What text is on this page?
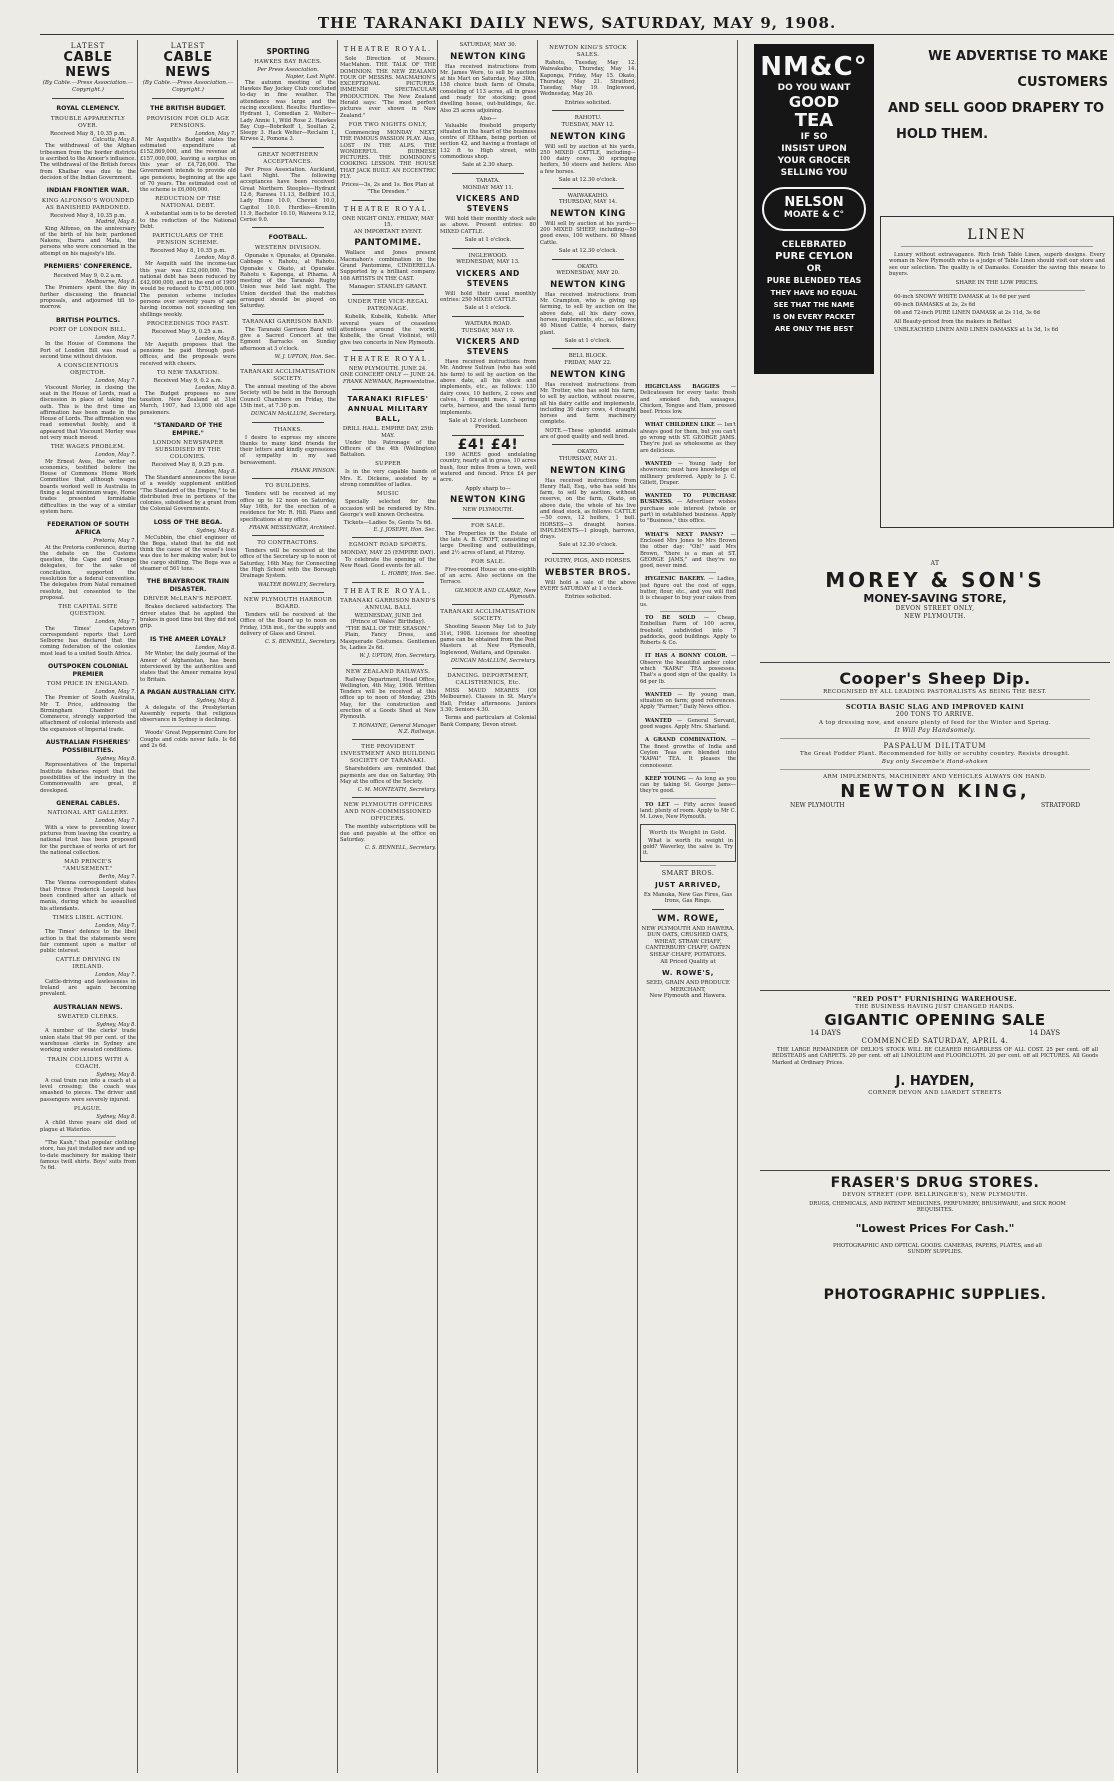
THE TARANAKI DAILY NEWS, SATURDAY, MAY 9, 1908.
LATEST
CABLE NEWS
(By Cable.—Press Association.—Copyright.)
ROYAL CLEMENCY.
TROUBLE APPARENTLY OVER.
Received May 8, 10.35 p.m.
Calcutta, May 8.
The withdrawal of the Afghan tribesmen from the border districts is ascribed to the Ameer's influence. The withdrawal of the British forces from Khaibar was due to the decision of the Indian Government.
INDIAN FRONTIER WAR.
KING ALFONSO'S WOUNDED AS BANISHED PARDONED.
Received May 8, 10.35 p.m.
Madrid, May 8.
King Alfonso, on the anniversary of the birth of his heir, pardoned Nakens, Ibarra and Mata, the persons who were concerned in the attempt on his majesty's life.
PREMIERS' CONFERENCE.
Received May 9, 0.2 a.m.
Melbourne, May 8.
The Premiers spent the day in further discussing the financial proposals, and adjourned till to-morrow.
BRITISH POLITICS.
PORT OF LONDON BILL.
London, May 7.
In the House of Commons the Port of London Bill was read a second time without division.
A CONSCIENTIOUS OBJECTOR.
London, May 7.
Viscount Morley, in closing the seat in the House of Lords, read a discussion in place of taking the oath. This is the first time an affirmation has been made in the House of Lords. The affirmation was read somewhat feebly, and it appeared that Viscount Morley was not very much moved.
THE WAGES PROBLEM.
London, May 7.
Mr Ernest Aves, the writer on economics, testified before the House of Commons Home Work Committee that although wages boards worked well in Australia in fixing a legal minimum wage, Home trades presented formidable difficulties in the way of a similar system here.
FEDERATION OF SOUTH AFRICA
Pretoria, May 7.
At the Pretoria conference, during the debate on the Customs question, the Cape and Orange delegates, for the sake of conciliation, supported the resolution for a federal convention. The delegates from Natal remained resolute, but consented to the proposal.
THE CAPITAL SITE QUESTION.
London, May 7.
The Times' Capetown correspondent reports that Lord Selborne has declared that the coming federation of the colonies must lead to a united South Africa.
OUTSPOKEN COLONIAL PREMIER
TOM PRICE IN ENGLAND.
London, May 7.
The Premier of South Australia, Mr T. Price, addressing the Birmingham Chamber of Commerce, strongly supported the attachment of colonial interests and the expansion of Imperial trade.
AUSTRALIAN FISHERIES' POSSIBILITIES.
Sydney, May 8.
Representatives of the Imperial Institute fisheries report that the possibilities of the industry in the Commonwealth are great, if developed.
GENERAL CABLES.
NATIONAL ART GALLERY.
London, May 7.
With a view to preventing lower pictures from leaving the country, a national trust has been proposed for the purchase of works of art for the national collection.
MAD PRINCE'S "AMUSEMENT."
Berlin, May 7.
The Vienna correspondent states that Prince Frederick Leopold has been confined after an attack of mania, during which he assaulted his attendants.
TIMES LIBEL ACTION.
London, May 7.
The Times' defence to the libel action is that the statements were fair comment upon a matter of public interest.
CATTLE DRIVING IN IRELAND.
London, May 7.
Cattle-driving and lawlessness in Ireland are again becoming prevalent.
AUSTRALIAN NEWS.
SWEATED CLERKS.
Sydney, May 8.
A number of the clerks' trade union state that 90 per cent. of the warehouse clerks in Sydney are working under sweated conditions.
TRAIN COLLIDES WITH A COACH.
Sydney, May 8.
A coal train ran into a coach at a level crossing; the coach was smashed to pieces. The driver and passengers were severely injured.
PLAGUE.
Sydney, May 8.
A child three years old died of plague at Waterloo.
"The Kash," that popular clothing store, has just installed new and up-to-date machinery for making their famous twill shirts. Boys' suits from 7s 6d.
LATEST
CABLE NEWS
(By Cable.—Press Association.—Copyright.)
THE BRITISH BUDGET.
PROVISION FOR OLD AGE PENSIONS.
London, May 7.
Mr Asquith's Budget states the estimated expenditure at £152,869,000, and the revenue at £157,000,000, leaving a surplus on this year of £4,726,000. The Government intends to provide old age pensions, beginning at the age of 70 years. The estimated cost of the scheme is £6,000,000.
REDUCTION OF THE NATIONAL DEBT.
A substantial sum is to be devoted to the reduction of the National Debt.
PARTICULARS OF THE PENSION SCHEME.
Received May 8, 10.35 p.m.
London, May 8.
Mr Asquith said the income-tax this year was £32,000,000. The national debt has been reduced by £42,000,000, and in the end of 1909 would be reduced to £751,000,000. The pension scheme includes persons over seventy years of age having incomes not exceeding ten shillings weekly.
PROCEEDINGS TOO FAST.
Received May 9, 0.25 a.m.
London, May 8.
Mr Asquith proposes that the pensions be paid through post-offices, and the proposals were received with cheers.
TO NEW TAXATION.
Received May 9, 0.2 a.m.
London, May 8.
The Budget proposes no new taxation. New Zealand at 31st March, 1907, had 13,000 old age pensioners.
"STANDARD OF THE EMPIRE."
LONDON NEWSPAPER SUBSIDISED BY THE COLONIES.
Received May 8, 9.25 p.m.
London, May 8.
The Standard announces the issue of a weekly supplement entitled "The Standard of the Empire," to be distributed free in portions of the colonies, subsidised by a grant from the Colonial Governments.
LOSS OF THE BEGA.
Sydney, May 8.
McCubbin, the chief engineer of the Bega, stated that he did not think the cause of the vessel's loss was due to her making water, but to the cargo shifting. The Bega was a steamer of 561 tons.
THE BRAYBROOK TRAIN DISASTER.
DRIVER McLEAN'S REPORT.
Brakes declared satisfactory. The driver states that he applied the brakes in good time but they did not grip.
IS THE AMEER LOYAL?
London, May 8.
Mr Winter, the daily journal of the Ameer of Afghanistan, has been interviewed by the authorities and states that the Ameer remains loyal to Britain.
A PAGAN AUSTRALIAN CITY.
Sydney, May 8.
A delegate of the Presbyterian Assembly reports that religious observance in Sydney is declining.
Woods' Great Peppermint Cure for Coughs and colds never fails. Is 6d and 2s 6d.
SPORTING
HAWKES BAY RACES.
Per Press Association.
Napier, Last Night.
The autumn meeting of the Hawkes Bay Jockey Club concluded to-day in fine weather. The attendance was large and the racing excellent. Results: Hurdles—Hydrant 1, Comedian 2. Welter—Lady Annie 1, Wild Rose 2. Hawkes Bay Cup—Bobrikoff 1, Soultan 2, Sleepy 3. Hack Welter—Reclaim 1, Kirwee 2, Pomona 3.
GREAT NORTHERN ACCEPTANCES.
Per Press Association. Auckland, Last Night. The following acceptances have been received: Great Northern Steeples—Hydrant 12.6, Rarawa 11.13, Bellbird 10.3, Lady Hune 10.0, Cheviot 10.0, Capitol 10.0. Hurdles—Kremlin 11.9, Bachelor 10.10, Waiwera 9.12, Cerise 9.0.
FOOTBALL.
WESTERN DIVISION.
Opunake v. Opunake, at Opunake. Cabbage v. Rahotu, at Rahotu. Opunake v. Okato, at Opunake. Rahotu v. Kaponga, at Pihama. A meeting of the Taranaki Rugby Union was held last night. The Union decided that the matches arranged should be played on Saturday.
TARANAKI GARRISON BAND.
The Taranaki Garrison Band will give a Sacred Concert at the Egmont Barracks on Sunday afternoon at 3 o'clock.
W. J. UPTON, Hon. Sec.
TARANAKI ACCLIMATISATION SOCIETY.
The annual meeting of the above Society will be held in the Borough Council Chambers on Friday, the 15th inst., at 7.30 p.m.
DUNCAN McALLUM, Secretary.
THANKS.
I desire to express my sincere thanks to many kind friends for their letters and kindly expressions of sympathy in my sad bereavement.
FRANK PINSON.
TO BUILDERS.
Tenders will be received at my office up to 12 noon on Saturday, May 16th, for the erection of a residence for Mr. R. Hill. Plans and specifications at my office.
FRANK MESSENGER, Architect.
TO CONTRACTORS.
Tenders will be received at the office of the Secretary up to noon of Saturday, 16th May, for Connecting the High School with the Borough Drainage System.
WALTER BOWLEY, Secretary.
NEW PLYMOUTH HARBOUR BOARD.
Tenders will be received at the Office of the Board up to noon on Friday, 15th inst., for the supply and delivery of Glass and Gravel.
C. S. BENNELL, Secretary.
THEATRE ROYAL.
Sole Direction of Messrs. MacMahon. THE TALK OF THE DOMINION. THE NEW ZEALAND TOUR OF MESSRS. MACMAHON'S EXCEPTIONAL PICTURES, IMMENSE SPECTACULAR PRODUCTION. The New Zealand Herald says: "The most perfect pictures ever shown in New Zealand."
FOR TWO NIGHTS ONLY,
Commencing MONDAY NEXT, THE FAMOUS PASSION PLAY. Also, LOST IN THE ALPS. THE WONDERFUL BURMESE PICTURES. THE DOMINION'S COOKING LESSON. THE HOUSE THAT JACK BUILT. AN ECCENTRIC FLY.
Prices—3s, 2s and 1s. Box Plan at "The Dresden."
THEATRE ROYAL.
ONE NIGHT ONLY. FRIDAY, MAY 15.
AN IMPORTANT EVENT.
PANTOMIME.
Wallace and Jones present Macmahon's combination in the Grand Pantomime, CINDERELLA. Supported by a brilliant company. 108 ARTISTS IN THE CAST.
Manager: STANLEY GRANT.
UNDER THE VICE-REGAL PATRONAGE.
Kubelik, Kubelik, Kubelik. After several years of ceaseless attentions around the world, Kubelik, the Great Violinist, will give two concerts in New Plymouth.
THEATRE ROYAL.
NEW PLYMOUTH. JUNE 24.
ONE CONCERT ONLY — JUNE 24.
FRANK NEWMAN, Representative.
TARANAKI RIFLES' ANNUAL MILITARY BALL,
DRILL HALL. EMPIRE DAY, 25th MAY.
Under the Patronage of the Officers of the 4th (Wellington) Battalion.
SUPPER
Is in the very capable hands of Mrs. E. Dickens, assisted by a strong committee of ladies.
MUSIC
Specially selected for the occasion will be rendered by Mrs. George's well known Orchestra.
Tickets—Ladies 5s, Gents 7s 6d.
E. J. JOSEPH, Hon. Sec.
EGMONT ROAD SPORTS.
MONDAY, MAY 25 (EMPIRE DAY).
To celebrate the opening of the New Road. Good events for all.
L. HOBBY, Hon. Sec.
THEATRE ROYAL.
TARANAKI GARRISON BAND'S ANNUAL BALL
WEDNESDAY, JUNE 3rd
(Prince of Wales' Birthday).
"THE BALL OF THE SEASON."
Plain, Fancy Dress, and Masquerade Costumes. Gentlemen 5s, Ladies 2s 6d.
W. J. UPTON, Hon. Secretary.
NEW ZEALAND RAILWAYS.
Railway Department, Head Office, Wellington, 4th May, 1908. Written Tenders will be received at this office up to noon of Monday, 25th May, for the construction and erection of a Goods Shed at New Plymouth.
T. RONAYNE, General Manager N.Z. Railways.
THE PROVIDENT INVESTMENT AND BUILDING SOCIETY OF TARANAKI.
Shareholders are reminded that payments are due on Saturday, 9th May at the office of the Society.
C. M. MONTEATH, Secretary.
NEW PLYMOUTH OFFICERS AND NON-COMMISSIONED OFFICERS.
The monthly subscriptions will be due and payable at the office on Saturday.
C. S. BENNELL, Secretary.
SATURDAY, MAY 30.
NEWTON KING
Has received instructions from Mr. James Were, to sell by auction at his Mart on Saturday, May 30th, 158 choice bush farm of Omata, consisting of 113 acres, all in grass and ready for stocking; good dwelling house, out-buildings, &c. Also 25 acres adjoining.
Also—
Valuable freehold property situated in the heart of the business centre of Eltham, being portion of section 42, and having a frontage of 132 ft to High street, with commodious shop.
Sale at 2.30 sharp.
TARATA.
MONDAY MAY 11.
VICKERS AND STEVENS
Will hold their monthly stock sale as above. Present entries: 80 MIXED CATTLE.
Sale at 1 o'clock.
INGLEWOOD.
WEDNESDAY, MAY 13.
VICKERS AND STEVENS
Will hold their usual monthly entries: 250 MIXED CATTLE.
Sale at 1 o'clock.
WAITARA ROAD.
TUESDAY, MAY 19.
VICKERS AND STEVENS
Have received instructions from Mr. Andrew Sulivan (who has sold his farm) to sell by auction on the above date, all his stock and implements, etc., as follows: 130 dairy cows, 10 heifers, 2 cows and calves, 1 draught mare, 2 spring carts, harness, and the usual farm implements.
Sale at 12 o'clock. Luncheon Provided.
£4! £4!
199 ACRES good undulating country, nearly all in grass, 10 acres bush, four miles from a town, well watered and fenced. Price £4 per acre.
Apply sharp to—
NEWTON KING
NEW PLYMOUTH.
FOR SALE.
The Properties in the Estate of the late A. B. CROFT, consisting of large Dwelling and outbuildings, and 2½ acres of land, at Fitzroy.
FOR SALE.
Five-roomed House on one-eighth of an acre. Also sections on the Terrace.
GILMOUR AND CLARKE, New Plymouth.
TARANAKI ACCLIMATISATION SOCIETY.
Shooting Season May 1st to July 31st, 1908. Licenses for shooting game can be obtained from the Post Masters at New Plymouth, Inglewood, Waitara, and Opunake.
DUNCAN McALLUM, Secretary.
DANCING. DEPORTMENT, CALISTHENICS, Etc.
MISS MAUD MEARES (Of Melbourne). Classes in St. Mary's Hall, Friday afternoons. Juniors 3.30; Seniors 4.30.
Terms and particulars at Colonial Bank Company, Devon street.
NEWTON KING'S STOCK SALES.
Rahotu, Tuesday, May 12. Waiwakaiho, Thursday, May 14. Kaponga, Friday, May 15. Okato, Thursday, May 21. Stratford, Tuesday, May 19. Inglewood, Wednesday, May 20.
Entries solicited.
RAHOTU.
TUESDAY, MAY 12.
NEWTON KING
Will sell by auction at his yards, 250 MIXED CATTLE, including—100 dairy cows, 30 springing heifers, 50 steers and heifers. Also a few horses.
Sale at 12.30 o'clock.
WAIWAKAIHO.
THURSDAY, MAY 14.
NEWTON KING
Will sell by auction at his yards—200 MIXED SHEEP, including—50 good ewes, 100 wethers. 60 Mixed Cattle.
Sale at 12.30 o'clock.
OKATO.
WEDNESDAY, MAY 20.
NEWTON KING
Has received instructions from Mr. Crampton, who is giving up farming, to sell by auction on the above date, all his dairy cows, horses, implements, etc., as follows: 40 Mixed Cattle, 4 horses, dairy plant.
Sale at 1 o'clock.
BELL BLOCK.
FRIDAY, MAY 22.
NEWTON KING
Has received instructions from Mr. Trotter, who has sold his farm, to sell by auction, without reserve, all his dairy cattle and implements, including 30 dairy cows, 4 draught horses and farm machinery complete.
NOTE.—These splendid animals are of good quality and well bred.
OKATO.
THURSDAY, MAY 21.
NEWTON KING
Has received instructions from Henry Hall, Esq., who has sold his farm, to sell by auction, without reserve, on the farm, Okato, on above date, the whole of his live and dead stock, as follows: CATTLE—50 cows, 12 heifers, 1 bull. HORSES—3 draught horses. IMPLEMENTS—1 plough, harrows, drays.
Sale at 12.30 o'clock.
POULTRY, PIGS, AND HORSES.
WEBSTER BROS.
Will hold a sale of the above EVERY SATURDAY at 1 o'clock.
Entries solicited.
HIGHCLASS BAGGIES — Delicatessen for every taste: fresh and smoked fish, sausages, Chicken, Tongue and Ham, pressed beef. Prices low.
WHAT CHILDREN LIKE — Isn't always good for them, but you can't go wrong with ST. GEORGE JAMS. They're just as wholesome as they are delicious.
WANTED — Young lady for showroom; must have knowledge of millinery preferred. Apply to J. C. Gillett, Draper.
WANTED TO PURCHASE BUSINESS. — Advertiser wishes purchase sole interest (whole or part) in established business. Apply to "Business," this office.
WHAT'S NEXT PANSY? — Enclosed Mrs Jones to Mrs Brown the other day: "Oh!" said Mrs Brown, "there is a man at ST. GEORGE JAMS," and they're no good, never mind.
HYGIENIC BAKERY. — Ladies, just figure out the cost of eggs, butter, flour, etc., and you will find it is cheaper to buy your cakes from us.
TO BE SOLD — Cheap, Embellian Farm of 100 acres, freehold, subdivided into 7 paddocks, good buildings. Apply to Roberts & Co.
IT HAS A BONNY COLOR. — Observe the beautiful amber color which "KAPAI" TEA possesses. That's a good sign of the quality. 1s 6d per lb.
WANTED — By young man, situation on farm; good references. Apply "Farmer," Daily News office.
WANTED — General Servant, good wages. Apply Mrs. Sharland.
A GRAND COMBINATION. — The finest growths of India and Ceylon Teas are blended into "KAPAI" TEA. It pleases the connoisseur.
KEEP YOUNG — As long as you can by taking St. George Jams—they're good.
TO LET — Fifty acres leased land; plenty of room. Apply to Mr C. M. Lowe, New Plymouth.
Worth its Weight in Gold.
What is worth its weight in gold? Waverley, the salve is. Try it.
SMART BROS.
JUST ARRIVED,
Ex Manuka, New Gas Fires, Gas Irons, Gas Rings.
WM. ROWE,
NEW PLYMOUTH AND HAWERA.
DUN OATS, CRUSHED OATS, WHEAT, STRAW CHAFF, CANTERBURY CHAFF, OATEN SHEAF CHAFF, POTATOES.
All Priced Quality at
W. ROWE'S,
SEED, GRAIN AND PRODUCE MERCHANT,
New Plymouth and Hawera.
NM&C°
DO YOU WANT
GOOD
TEA
IF SO
INSIST UPON
YOUR GROCER
SELLING YOU
NELSON
MOATE & C°
CELEBRATED
PURE CEYLON
OR
PURE BLENDED TEAS
THEY HAVE NO EQUAL
SEE THAT THE NAME
IS ON EVERY PACKET
ARE ONLY THE BEST
WE ADVERTISE TO MAKE CUSTOMERS
AND SELL GOOD DRAPERY TO
HOLD THEM.
LINEN
Luxury without extravagance. Rich Irish Table Linen, superb designs. Every woman in New Plymouth who is a judge of Table Linen should visit our store and see our selection. The quality is of Damasks. Consider the saving this means to buyers.
SHARE IN THE LOW PRICES.
60-inch SNOWY WHITE DAMASK at 1s 6d per yard
60-inch DAMASKS at 2s, 2s 6d
66 and 72-inch PURE LINEN DAMASK at 2s 11d, 3s 6d
All Beauty-priced from the makers in Belfast
UNBLEACHED LINEN AND LINEN DAMASKS at 1s 3d, 1s 6d
AT
MOREY & SON'S
MONEY-SAVING STORE,
DEVON STREET ONLY,
NEW PLYMOUTH.
Cooper's Sheep Dip.
RECOGNISED BY ALL LEADING PASTORALISTS AS BEING THE BEST.
SCOTIA BASIC SLAG AND IMPROVED KAINI
200 TONS TO ARRIVE.
A top dressing now, and ensure plenty of feed for the Winter and Spring.
It Will Pay Handsomely.
PASPALUM DILITATUM
The Great Fodder Plant. Recommended for hilly or scrubby country. Resists drought.
Buy only Secombe's Hand-shaken
ARM IMPLEMENTS, MACHINERY AND VEHICLES ALWAYS ON HAND.
NEWTON KING,
NEW PLYMOUTH	STRATFORD
"RED POST" FURNISHING WAREHOUSE.
THE BUSINESS HAVING JUST CHANGED HANDS.
GIGANTIC OPENING SALE
14 DAYS	14 DAYS
COMMENCED SATURDAY, APRIL 4.
THE LARGE REMAINDER OF DELIO'S STOCK WILL BE CLEARED REGARDLESS OF ALL COST. 25 per cent. off all BEDSTEADS and CARPETS. 20 per cent. off all LINOLEUM and FLOORCLOTH. 20 per cent. off all PICTURES. All Goods Marked at Ordinary Prices.
J. HAYDEN,
CORNER DEVON AND LIARDET STREETS
FRASER'S DRUG STORES.
DEVON STREET (OPP. BELLRINGER'S), NEW PLYMOUTH.
DRUGS, CHEMICALS, AND PATENT MEDICINES, PERFUMERY, BRUSHWARE, and SICK ROOM REQUISITES.
"Lowest Prices For Cash."
PHOTOGRAPHIC AND OPTICAL GOODS. CAMERAS, PAPERS, PLATES, and all SUNDRY SUPPLIES.
PHOTOGRAPHIC SUPPLIES.
